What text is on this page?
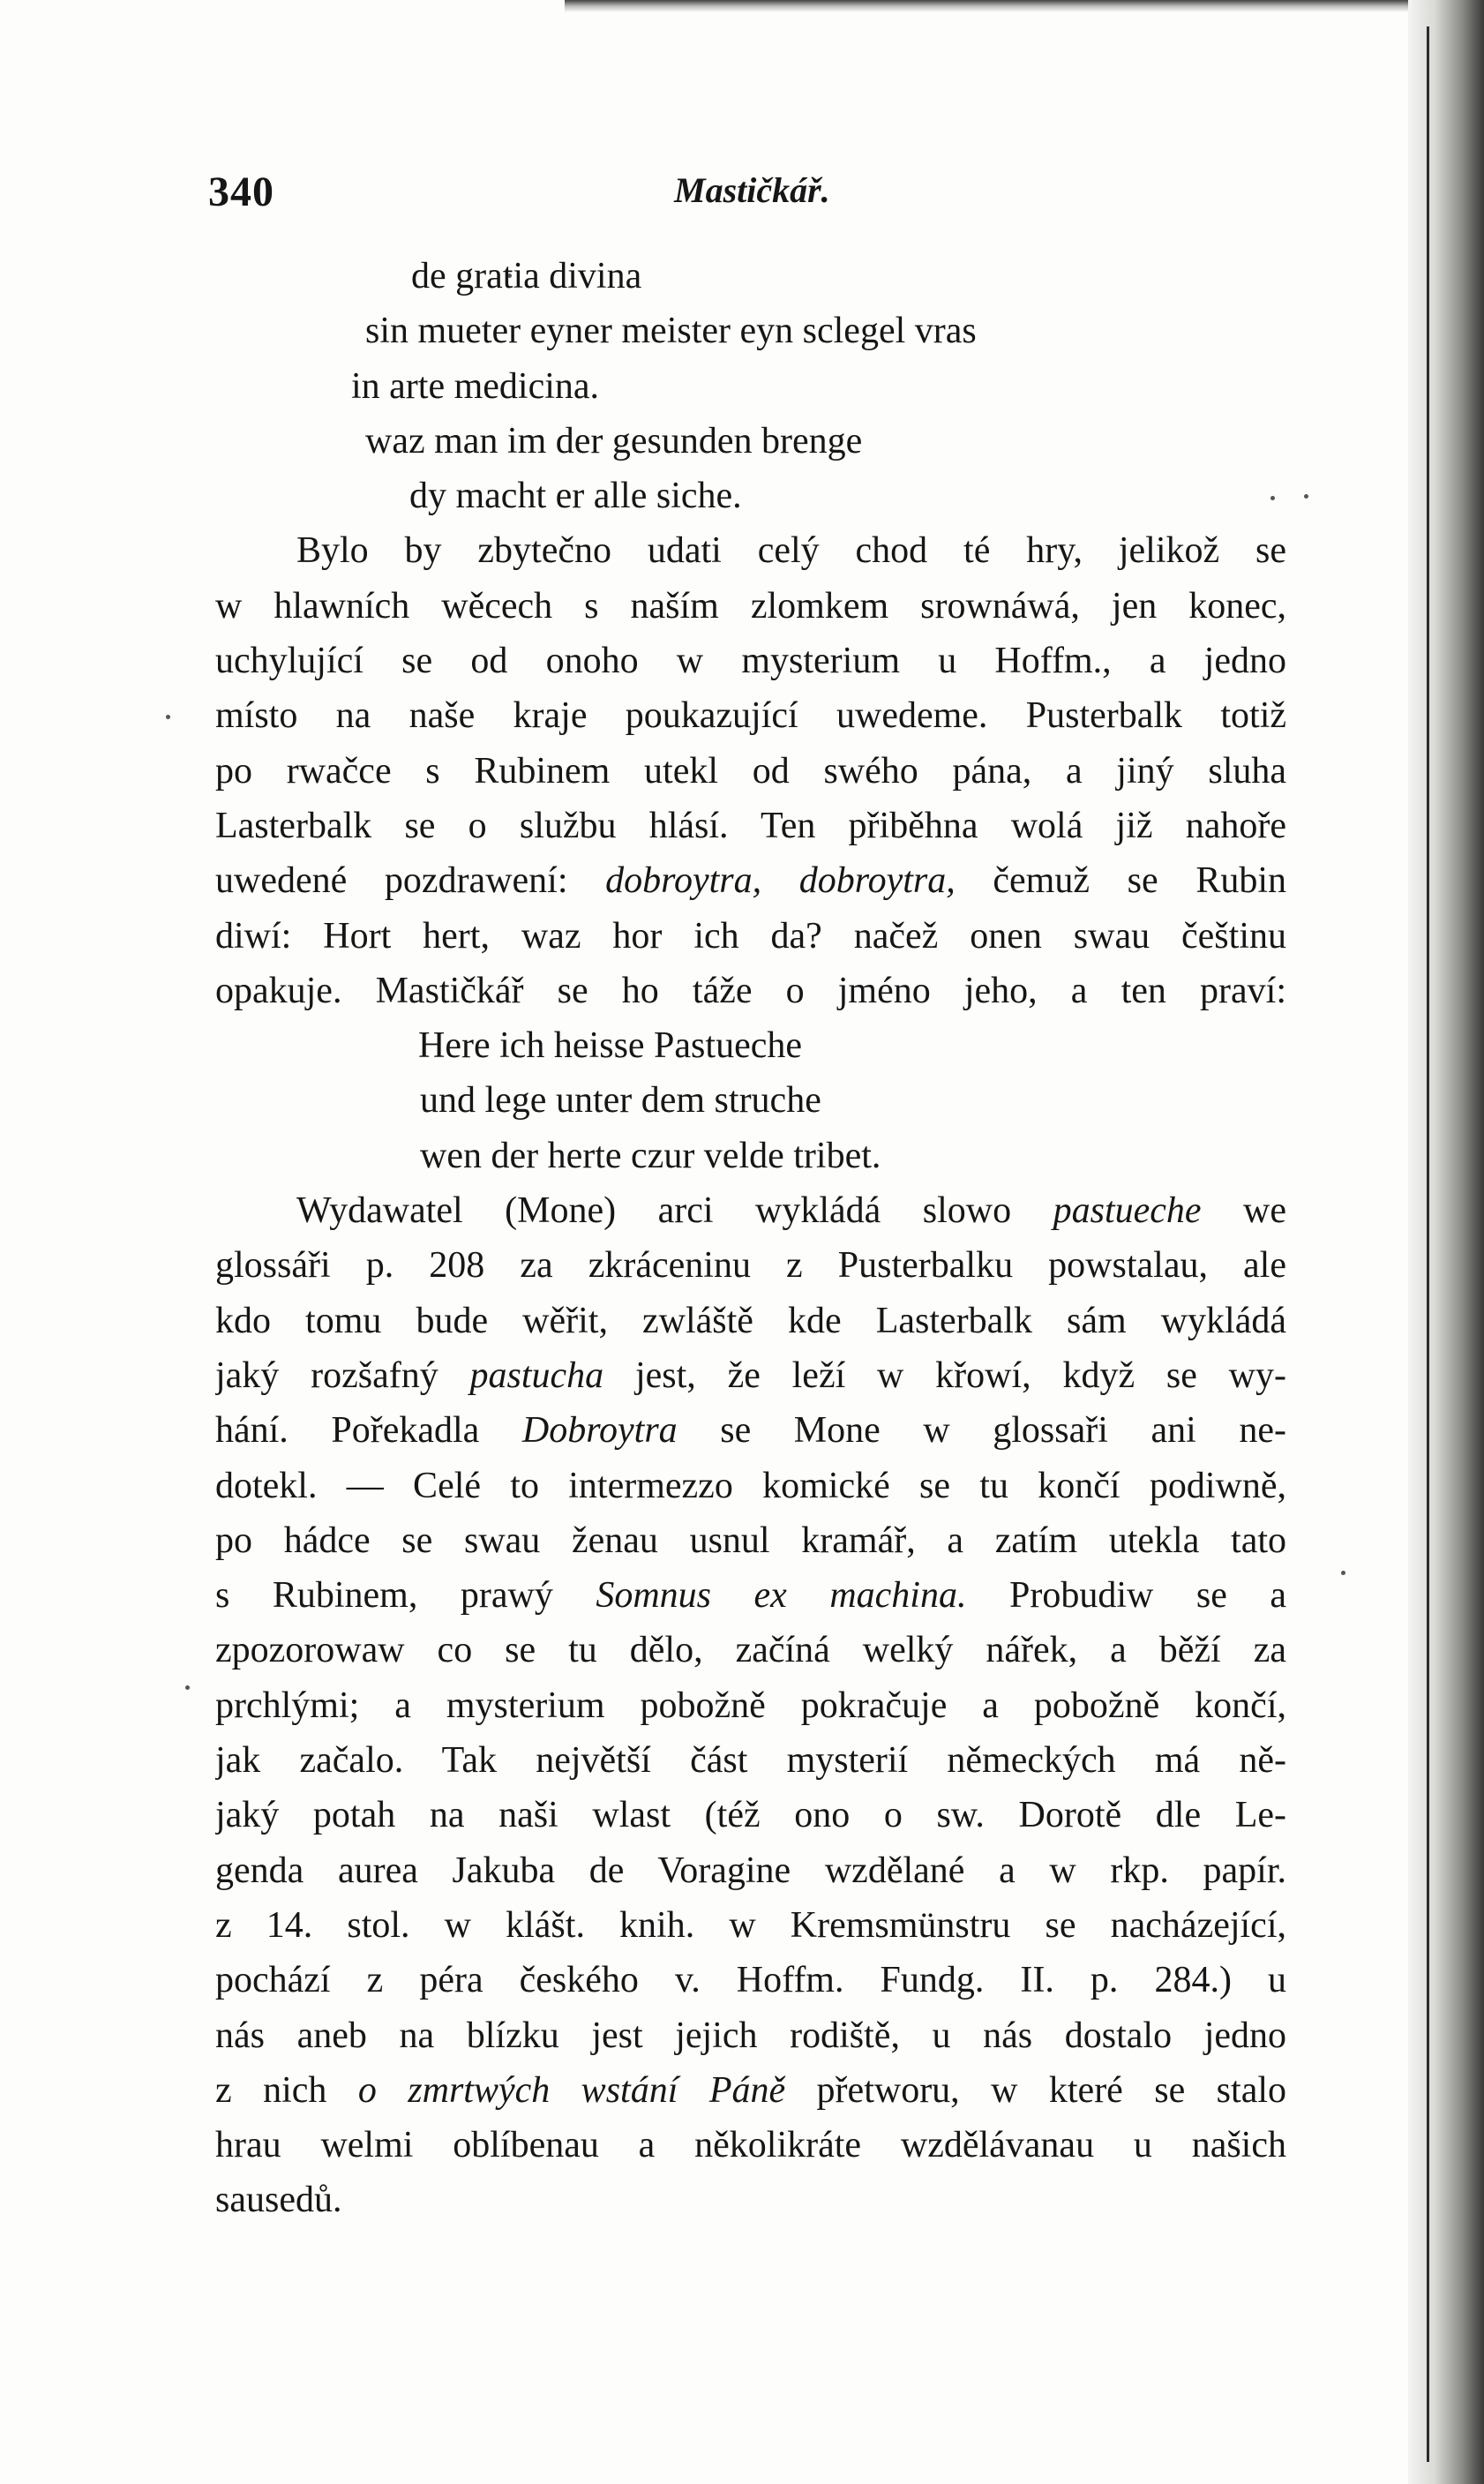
340	Mastičkář.
de gratia divina
sin mueter eyner meister eyn sclegel vras
in arte medicina.
waz man im der gesunden brenge
dy macht er alle siche.
Bylo by zbytečno udati celý chod té hry, jelikož se
w hlawních wěcech s naším zlomkem srownáwá, jen konec,
uchylující se od onoho w mysterium u Hoffm., a jedno
místo na naše kraje poukazující uwedeme. Pusterbalk totiž
po rwačce s Rubinem utekl od swého pána, a jiný sluha
Lasterbalk se o službu hlásí. Ten přiběhna wolá již nahoře
uwedené pozdrawení: dobroytra, dobroytra, čemuž se Rubin
diwí: Hort hert, waz hor ich da? načež onen swau češtinu
opakuje. Mastičkář se ho táže o jméno jeho, a ten praví:
Here ich heisse Pastueche
und lege unter dem struche
wen der herte czur velde tribet.
Wydawatel (Mone) arci wykládá slowo pastueche we
glossáři p. 208 za zkráceninu z Pusterbalku powstalau, ale
kdo tomu bude wěřit, zwláště kde Lasterbalk sám wykládá
jaký rozšafný pastucha jest, že leží w křowí, když se wy-
hání. Pořekadla Dobroytra se Mone w glossaři ani ne-
dotekl. — Celé to intermezzo komické se tu končí podiwně,
po hádce se swau ženau usnul kramář, a zatím utekla tato
s Rubinem, prawý Somnus ex machina. Probudiw se a
zpozorowaw co se tu dělo, začíná welký nářek, a běží za
prchlými; a mysterium pobožně pokračuje a pobožně končí,
jak začalo. Tak největší část mysterií německých má ně-
jaký potah na naši wlast (též ono o sw. Dorotě dle Le-
genda aurea Jakuba de Voragine wzdělané a w rkp. papír.
z 14. stol. w klášt. knih. w Kremsmünstru se nacházející,
pochází z péra českého v. Hoffm. Fundg. II. p. 284.) u
nás aneb na blízku jest jejich rodiště, u nás dostalo jedno
z nich o zmrtwých wstání Páně přetworu, w které se stalo
hrau welmi oblíbenau a několikráte wzdělávanau u našich
sausedů.
